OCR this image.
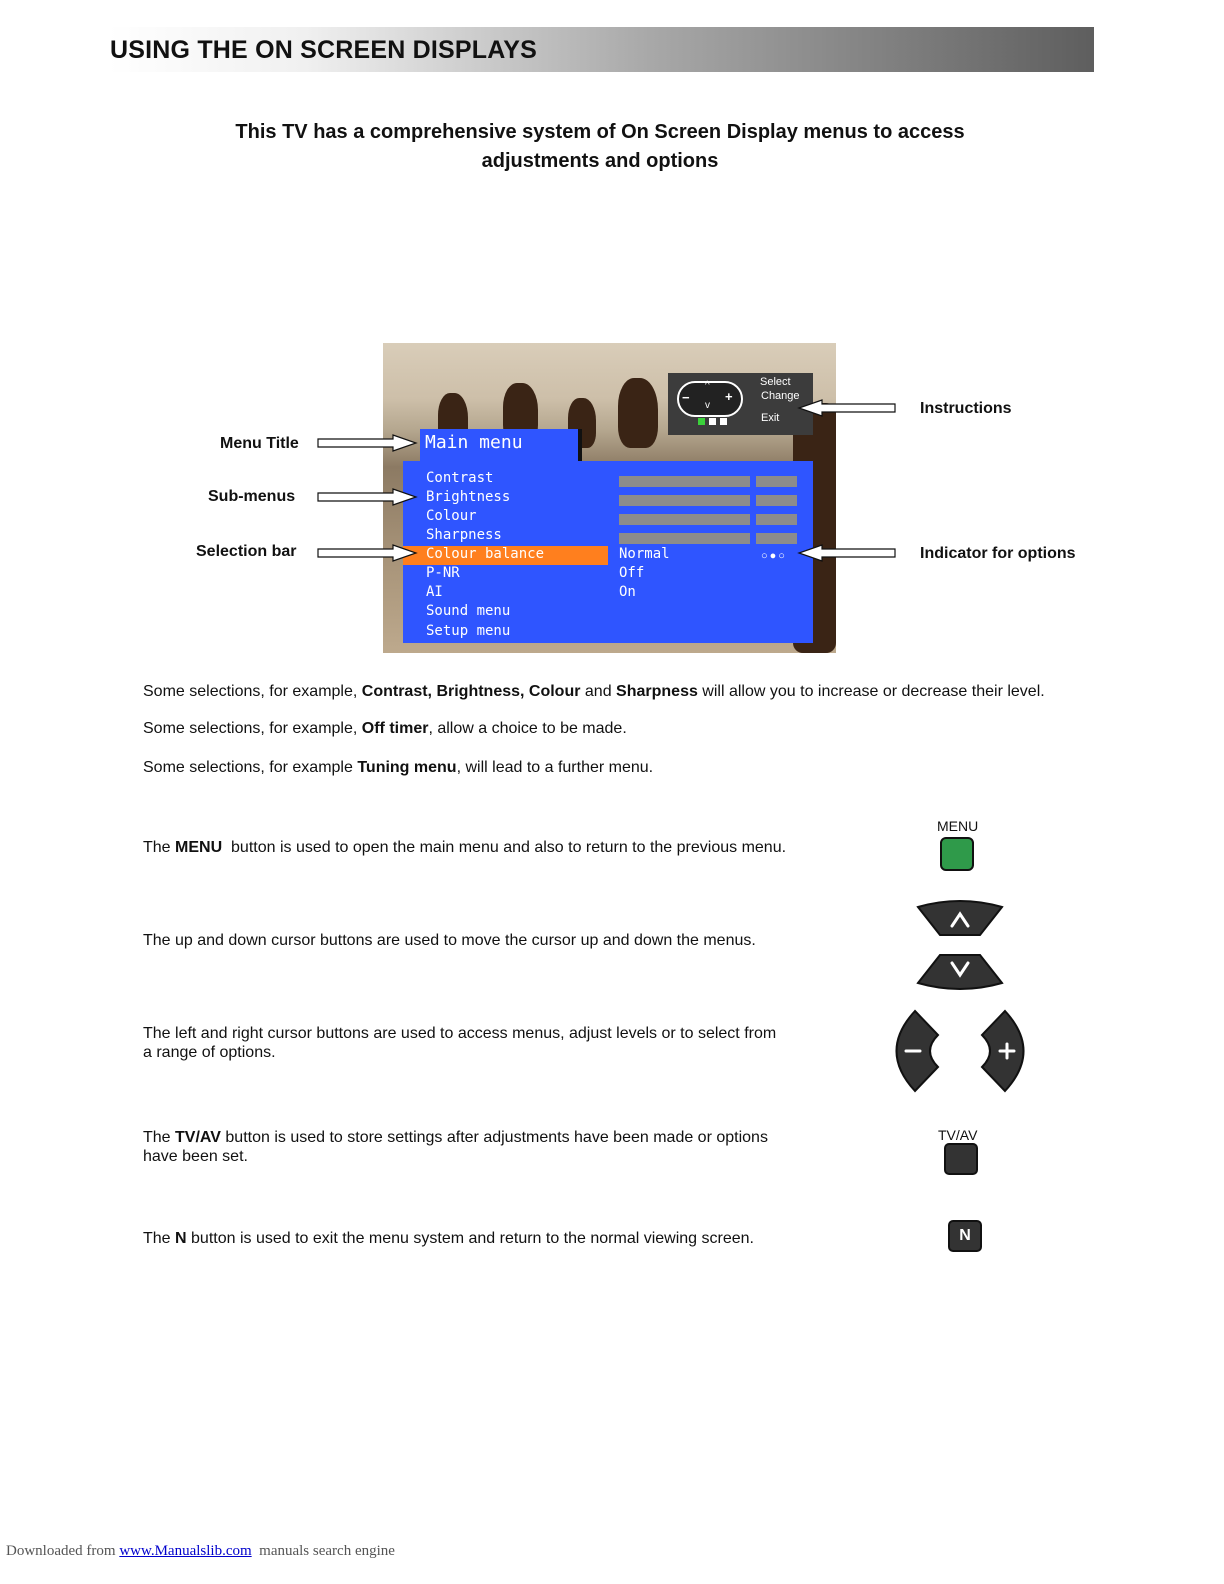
USING THE ON SCREEN DISPLAYS
This TV has a comprehensive system of On Screen Display menus to access
adjustments and options
−	+
^
v
Select
Change
Exit
Main menu
Contrast
Brightness
Colour
Sharpness
Colour balance
P-NR
AI
Sound menu
Setup menu
Normal
Off
On
○●○
Menu Title
Sub-menus
Selection bar
Instructions
Indicator for options
Some selections, for example, Contrast, Brightness, Colour and Sharpness will allow you to increase or decrease their level.
Some selections, for example, Off timer, allow a choice to be made.
Some selections, for example Tuning menu, will lead to a further menu.
The MENU  button is used to open the main menu and also to return to the previous menu.
The up and down cursor buttons are used to move the cursor up and down the menus.
The left and right cursor buttons are used to access menus, adjust levels or to select from
a range of options.
The TV/AV button is used to store settings after adjustments have been made or options
have been set.
The N button is used to exit the menu system and return to the normal viewing screen.
MENU
TV/AV
N
Downloaded from www.Manualslib.com  manuals search engine
